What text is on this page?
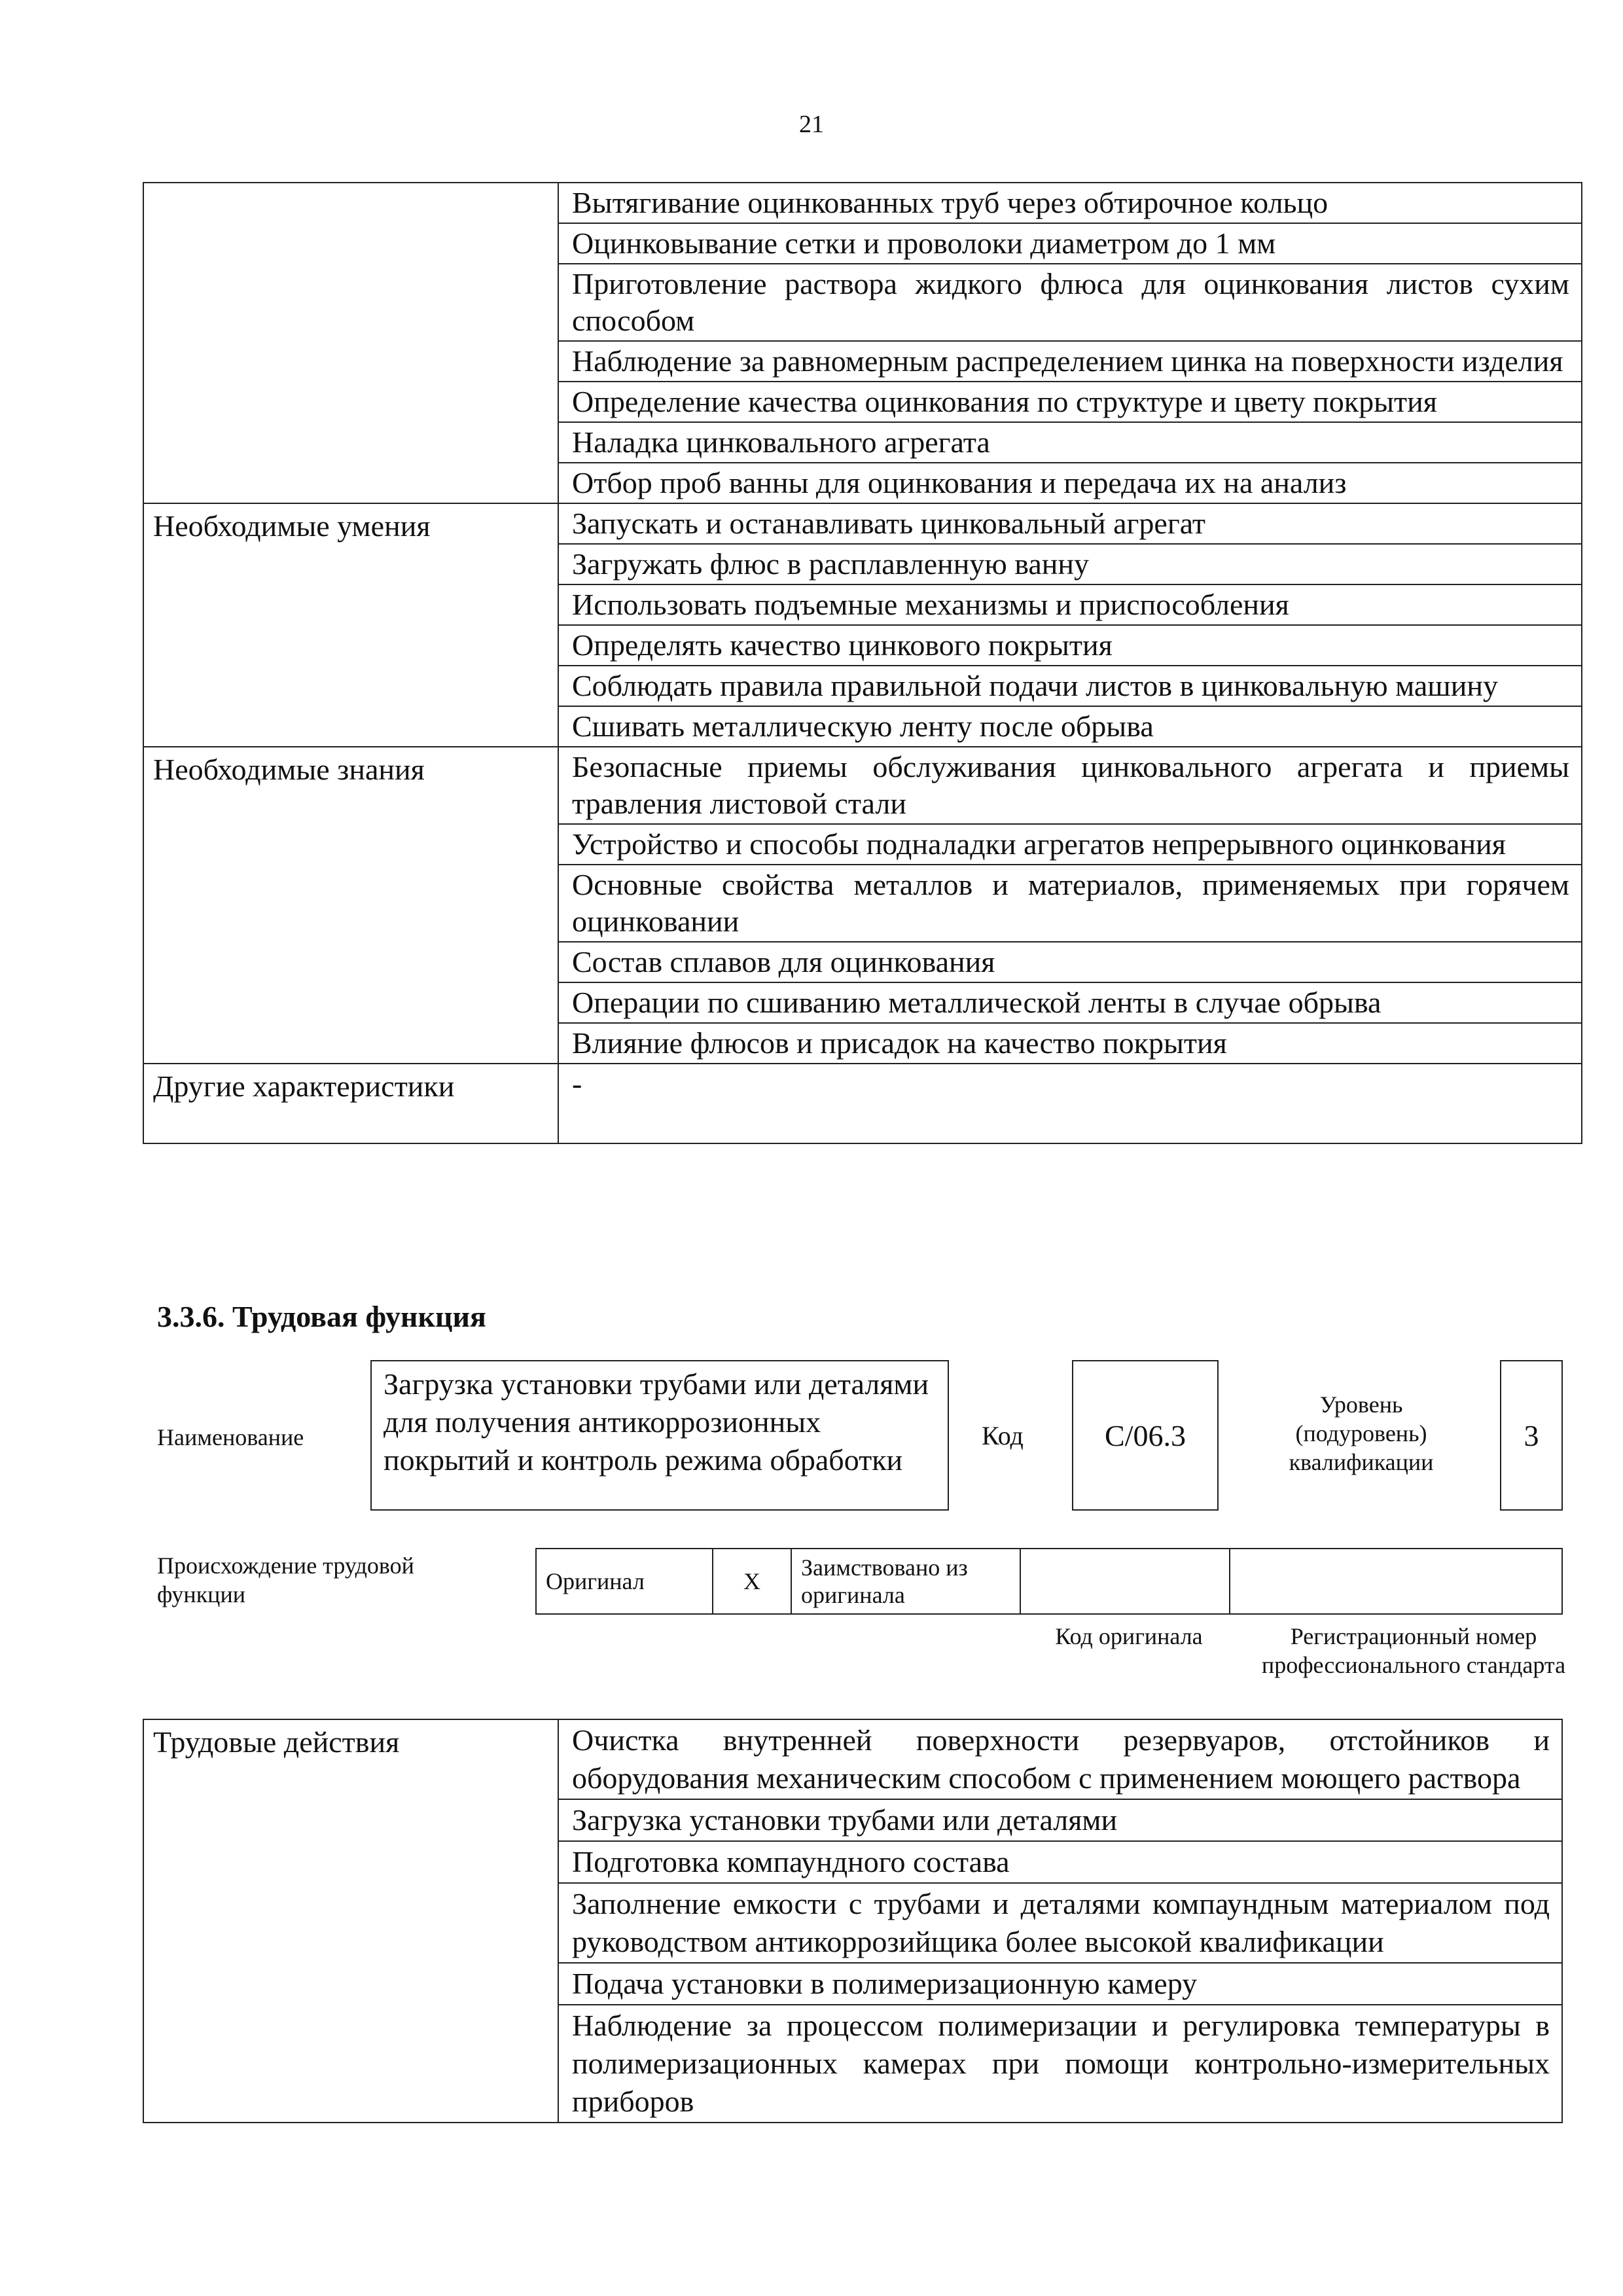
21
	Вытягивание оцинкованных труб через обтирочное кольцо
	Оцинковывание сетки и проволоки диаметром до 1 мм
	Приготовление раствора жидкого флюса для оцинкования листов сухим способом
	Наблюдение за равномерным распределением цинка на поверхности изделия
	Определение качества оцинкования по структуре и цвету покрытия
	Наладка цинковального агрегата
	Отбор проб ванны для оцинкования и передача их на анализ
Необходимые умения	Запускать и останавливать цинковальный агрегат
	Загружать флюс в расплавленную ванну
	Использовать подъемные механизмы и приспособления
	Определять качество цинкового покрытия
	Соблюдать правила правильной подачи листов в цинковальную машину
	Сшивать металлическую ленту после обрыва
Необходимые знания	Безопасные приемы обслуживания цинковального агрегата и приемы травления листовой стали
	Устройство и способы подналадки агрегатов непрерывного оцинкования
	Основные свойства металлов и материалов, применяемых при горячем оцинковании
	Состав сплавов для оцинкования
	Операции по сшиванию металлической ленты в случае обрыва
	Влияние флюсов и присадок на качество покрытия
Другие характеристики	-
3.3.6. Трудовая функция
Наименование
Загрузка установки трубами или деталями для получения антикоррозионных покрытий и контроль режима обработки
Код	C/06.3
Уровень (подуровень) квалификации
3
Происхождение трудовой функции	Оригинал	X	Заимствовано из оригинала		
Код оригинала	Регистрационный номер профессионального стандарта
Трудовые действия	Очистка внутренней поверхности резервуаров, отстойников и оборудования механическим способом с применением моющего раствора
Загрузка установки трубами или деталями
Подготовка компаундного состава
Заполнение емкости с трубами и деталями компаундным материалом под руководством антикоррозийщика более высокой квалификации
Подача установки в полимеризационную камеру
Наблюдение за процессом полимеризации и регулировка температуры в полимеризационных камерах при помощи контрольно-измерительных приборов
